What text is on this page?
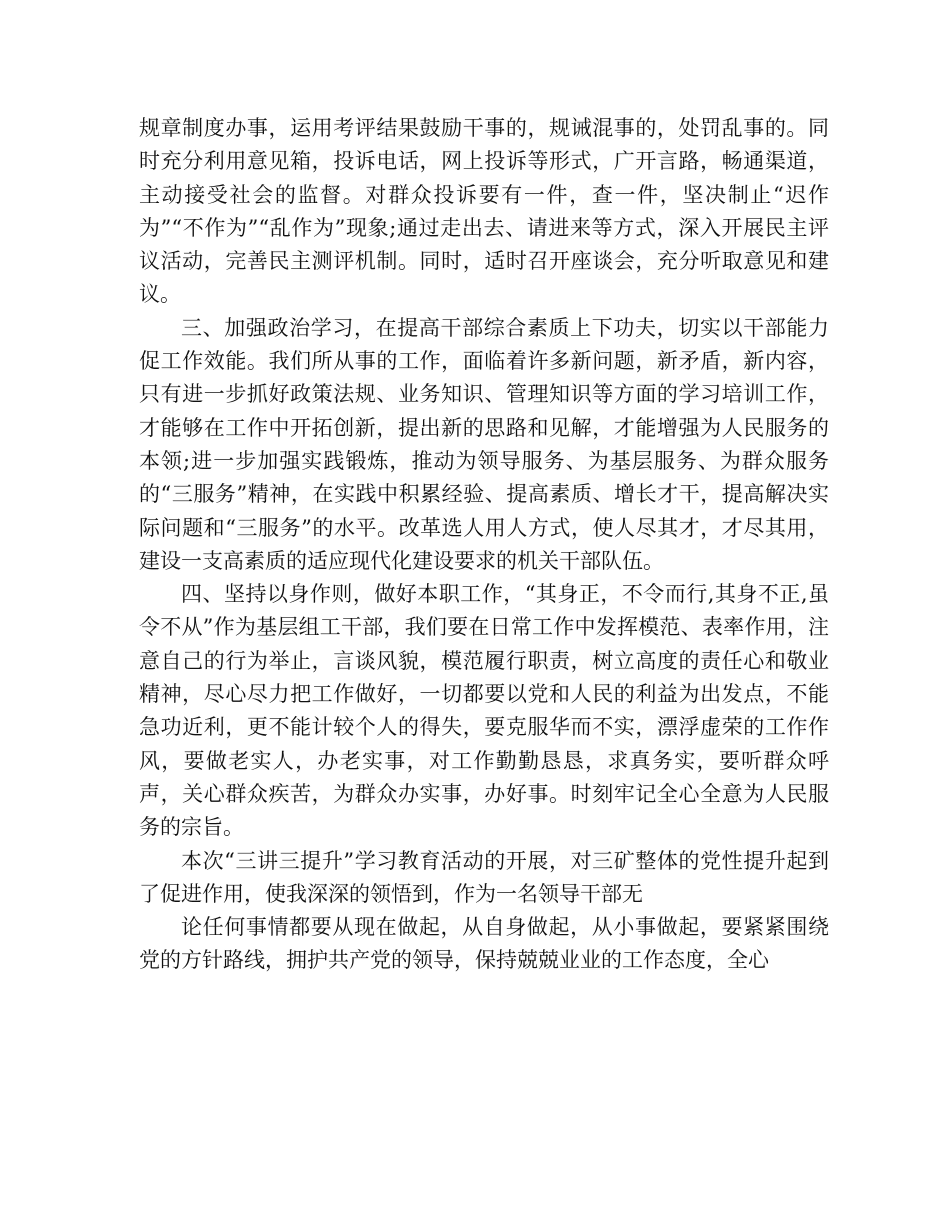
规章制度办事，运用考评结果鼓励干事的，规诫混事的，处罚乱事的。同时充分利用意见箱，投诉电话，网上投诉等形式，广开言路，畅通渠道，主动接受社会的监督。对群众投诉要有一件，查一件，坚决制止“迟作为”“不作为”“乱作为”现象;通过走出去、请进来等方式，深入开展民主评议活动，完善民主测评机制。同时，适时召开座谈会，充分听取意见和建议。

三、加强政治学习，在提高干部综合素质上下功夫，切实以干部能力促工作效能。我们所从事的工作，面临着许多新问题，新矛盾，新内容，只有进一步抓好政策法规、业务知识、管理知识等方面的学习培训工作，才能够在工作中开拓创新，提出新的思路和见解，才能增强为人民服务的本领;进一步加强实践锻炼，推动为领导服务、为基层服务、为群众服务的“三服务”精神，在实践中积累经验、提高素质、增长才干，提高解决实际问题和“三服务”的水平。改革选人用人方式，使人尽其才，才尽其用，建设一支高素质的适应现代化建设要求的机关干部队伍。

四、坚持以身作则，做好本职工作，“其身正，不令而行,其身不正,虽令不从”作为基层组工干部，我们要在日常工作中发挥模范、表率作用，注意自己的行为举止，言谈风貌，模范履行职责，树立高度的责任心和敬业精神，尽心尽力把工作做好，一切都要以党和人民的利益为出发点，不能急功近利，更不能计较个人的得失，要克服华而不实，漂浮虚荣的工作作风，要做老实人，办老实事，对工作勤勤恳恳，求真务实，要听群众呼声，关心群众疾苦，为群众办实事，办好事。时刻牢记全心全意为人民服务的宗旨。

本次“三讲三提升”学习教育活动的开展，对三矿整体的党性提升起到了促进作用，使我深深的领悟到，作为一名领导干部无

论任何事情都要从现在做起，从自身做起，从小事做起，要紧紧围绕党的方针路线，拥护共产党的领导，保持兢兢业业的工作态度，全心
